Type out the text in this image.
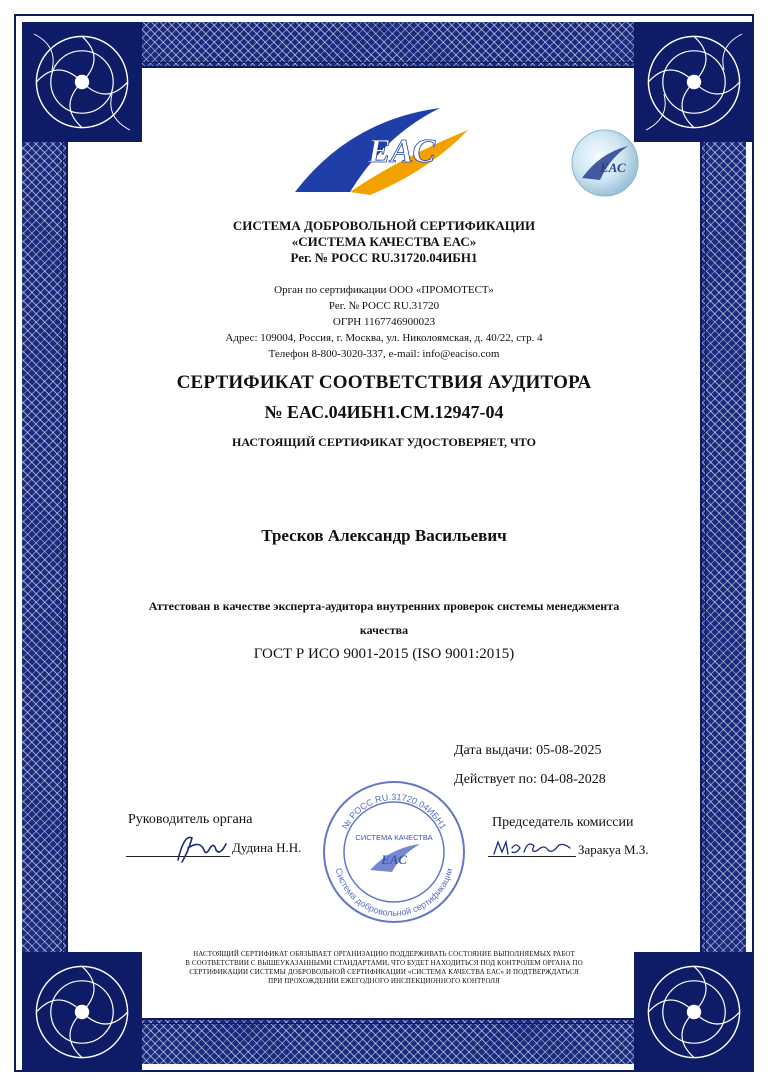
ЕАС	ЕАС
СИСТЕМА ДОБРОВОЛЬНОЙ СЕРТИФИКАЦИИ
«СИСТЕМА КАЧЕСТВА ЕАС»
Рег. № РОСС RU.31720.04ИБН1
Орган по сертификации ООО «ПРОМОТЕСТ»
Рег. № РОСС RU.31720
ОГРН 1167746900023
Адрес: 109004, Россия, г. Москва, ул. Николоямская, д. 40/22, стр. 4
Телефон 8-800-3020-337, e-mail: info@eaciso.com
СЕРТИФИКАТ СООТВЕТСТВИЯ АУДИТОРА
№ ЕАС.04ИБН1.СМ.12947-04
НАСТОЯЩИЙ СЕРТИФИКАТ УДОСТОВЕРЯЕТ, ЧТО
Тресков Александр Васильевич
Аттестован в качестве эксперта-аудитора внутренних проверок системы менеджмента
качества
ГОСТ Р ИСО 9001-2015 (ISO 9001:2015)
Дата выдачи: 05-08-2025
Действует по: 04-08-2028
№ РОСС RU.31720.04ИБН1
Система добровольной сертификации
СИСТЕМА КАЧЕСТВА
ЕАС
Руководитель органа
Дудина Н.Н.
Председатель комиссии
Заракуа М.З.
НАСТОЯЩИЙ СЕРТИФИКАТ ОБЯЗЫВАЕТ ОРГАНИЗАЦИЮ ПОДДЕРЖИВАТЬ СОСТОЯНИЕ ВЫПОЛНЯЕМЫХ РАБОТ
В СООТВЕТСТВИИ С ВЫШЕУКАЗАННЫМИ СТАНДАРТАМИ, ЧТО БУДЕТ НАХОДИТЬСЯ ПОД КОНТРОЛЕМ ОРГАНА ПО
СЕРТИФИКАЦИИ СИСТЕМЫ ДОБРОВОЛЬНОЙ СЕРТИФИКАЦИИ «СИСТЕМА КАЧЕСТВА ЕАС» И ПОДТВЕРЖДАТЬСЯ
ПРИ ПРОХОЖДЕНИИ ЕЖЕГОДНОГО ИНСПЕКЦИОННОГО КОНТРОЛЯ
